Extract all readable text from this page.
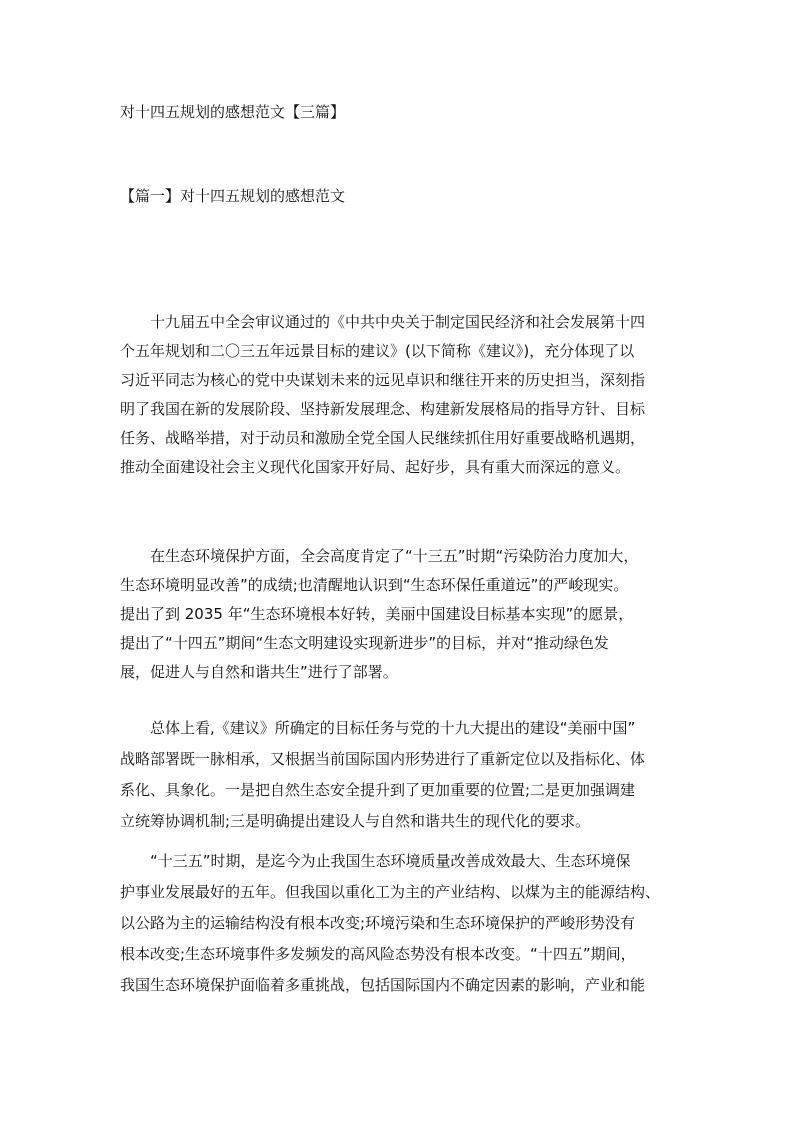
对十四五规划的感想范文【三篇】
【篇一】对十四五规划的感想范文
十九届五中全会审议通过的《中共中央关于制定国民经济和社会发展第十四
个五年规划和二〇三五年远景目标的建议》(以下简称《建议》)，充分体现了以
习近平同志为核心的党中央谋划未来的远见卓识和继往开来的历史担当，深刻指
明了我国在新的发展阶段、坚持新发展理念、构建新发展格局的指导方针、目标
任务、战略举措，对于动员和激励全党全国人民继续抓住用好重要战略机遇期，
推动全面建设社会主义现代化国家开好局、起好步，具有重大而深远的意义。
在生态环境保护方面，全会高度肯定了“十三五”时期“污染防治力度加大，
生态环境明显改善”的成绩;也清醒地认识到“生态环保任重道远”的严峻现实。
提出了到 2035 年“生态环境根本好转，美丽中国建设目标基本实现”的愿景，
提出了“十四五”期间“生态文明建设实现新进步”的目标，并对“推动绿色发
展，促进人与自然和谐共生”进行了部署。
总体上看,《建议》所确定的目标任务与党的十九大提出的建设“美丽中国”
战略部署既一脉相承，又根据当前国际国内形势进行了重新定位以及指标化、体
系化、具象化。一是把自然生态安全提升到了更加重要的位置;二是更加强调建
立统筹协调机制;三是明确提出建设人与自然和谐共生的现代化的要求。
“十三五”时期，是迄今为止我国生态环境质量改善成效最大、生态环境保
护事业发展最好的五年。但我国以重化工为主的产业结构、以煤为主的能源结构、
以公路为主的运输结构没有根本改变;环境污染和生态环境保护的严峻形势没有
根本改变;生态环境事件多发频发的高风险态势没有根本改变。“十四五”期间，
我国生态环境保护面临着多重挑战，包括国际国内不确定因素的影响，产业和能
